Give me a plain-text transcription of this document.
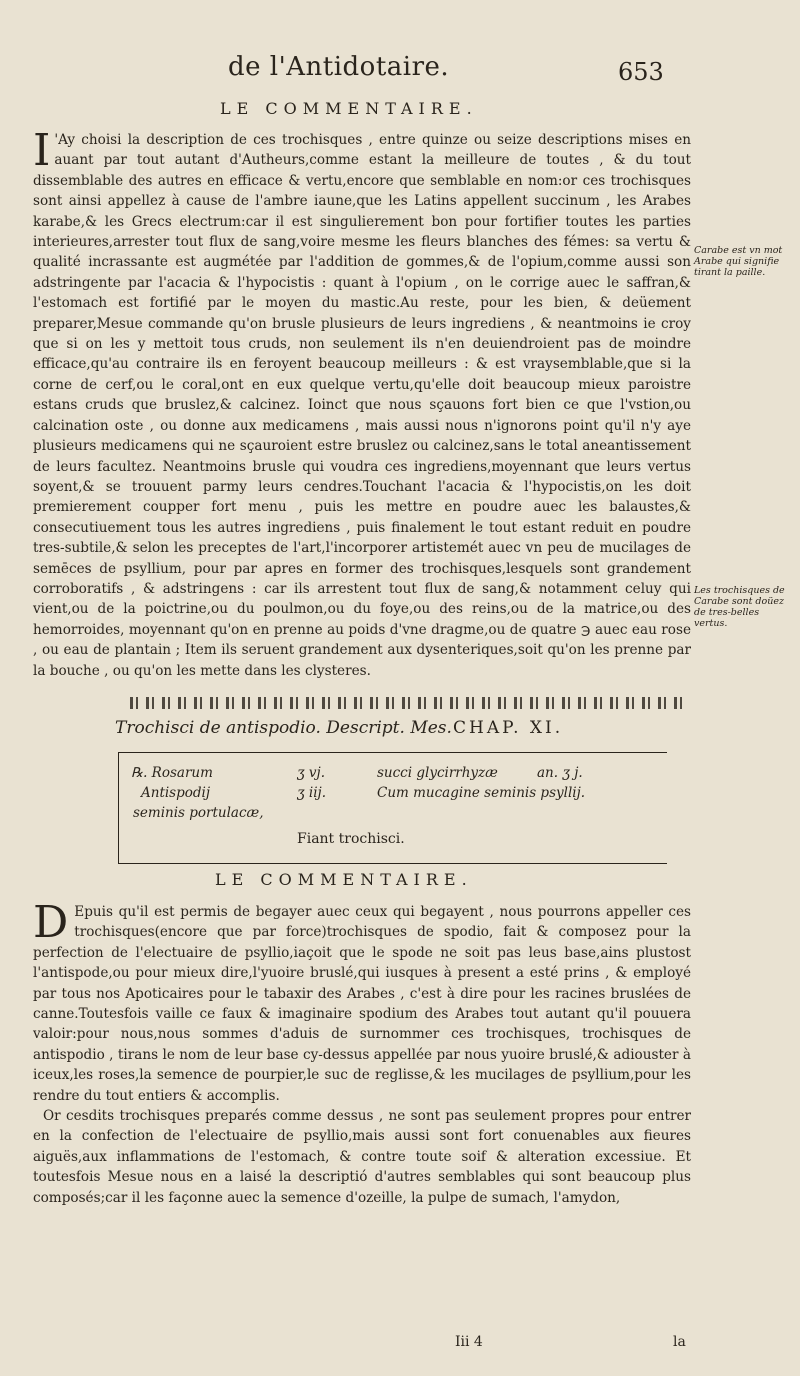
de l'Antidotaire.	653
LE COMMENTAIRE.

I 'Ay choisi la description de ces trochisques , entre quinze ou seize descriptions mises en auant par tout autant d'Autheurs,comme estant la meilleure de toutes , & du tout dissemblable des autres en efficace & vertu,encore que semblable en nom:or ces trochisques sont ainsi appellez à cause de l'ambre iaune,que les Latins appellent succinum , les Arabes karabe,& les Grecs electrum:car il est singulierement bon pour fortifier toutes les parties interieures,arrester tout flux de sang,voire mesme les fleurs blanches des fémes: sa vertu & qualité incrassante est augmétée par l'addition de gommes,& de l'opium,comme aussi son adstringente par l'acacia & l'hypocistis : quant à l'opium , on le corrige auec le saffran,& l'estomach est fortifié par le moyen du mastic.Au reste, pour les bien, & deüement preparer,Mesue commande qu'on brusle plusieurs de leurs ingrediens , & neantmoins ie croy que si on les y mettoit tous cruds, non seulement ils n'en deuiendroient pas de moindre efficace,qu'au contraire ils en feroyent beaucoup meilleurs : & est vraysemblable,que si la corne de cerf,ou le coral,ont en eux quelque vertu,qu'elle doit beaucoup mieux paroistre estans cruds que bruslez,& calcinez. Ioinct que nous sçauons fort bien ce que l'vstion,ou calcination oste , ou donne aux medicamens , mais aussi nous n'ignorons point qu'il n'y aye plusieurs medicamens qui ne sçauroient estre bruslez ou calcinez,sans le total aneantissement de leurs facultez. Neantmoins brusle qui voudra ces ingrediens,moyennant que leurs vertus soyent,& se trouuent parmy leurs cendres.Touchant l'acacia & l'hypocistis,on les doit premierement coupper fort menu , puis les mettre en poudre auec les balaustes,& consecutiuement tous les autres ingrediens , puis finalement le tout estant reduit en poudre tres-subtile,& selon les preceptes de l'art,l'incorporer artistemét auec vn peu de mucilages de semēces de psyllium, pour par apres en former des trochisques,lesquels sont grandement corroboratifs , & adstringens : car ils arrestent tout flux de sang,& notamment celuy qui vient,ou de la poictrine,ou du poulmon,ou du foye,ou des reins,ou de la matrice,ou des hemorroides, moyennant qu'on en prenne au poids d'vne dragme,ou de quatre ℈ auec eau rose , ou eau de plantain ; Item ils seruent grandement aux dysenteriques,soit qu'on les prenne par la bouche , ou qu'on les mette dans les clysteres.

Carabe est vn mot Arabe qui signifie tirant la paille.
Les trochisques de Carabe sont doüez de tres-belles vertus.
Trochisci de antispodio. Descript. Mes. CHAP. XI.
℞. Rosarum	ʒ vj.	succi glycirrhyzæ	an. ʒ j.
Antispodij	ʒ iij.	Cum mucagine seminis psyllij.
seminis portulacæ,
Fiant trochisci.
LE COMMENTAIRE.

D Epuis qu'il est permis de begayer auec ceux qui begayent , nous pourrons appeller ces trochisques(encore que par force)trochisques de spodio, fait & composez pour la perfection de l'electuaire de psyllio,iaçoit que le spode ne soit pas leus base,ains plustost l'antispode,ou pour mieux dire,l'yuoire bruslé,qui iusques à present a esté prins , & employé par tous nos Apoticaires pour le tabaxir des Arabes , c'est à dire pour les racines bruslées de canne.Toutesfois vaille ce faux & imaginaire spodium des Arabes tout autant qu'il pouuera valoir:pour nous,nous sommes d'aduis de surnommer ces trochisques, trochisques de antispodio , tirans le nom de leur base cy-dessus appellée par nous yuoire bruslé,& adiouster à iceux,les roses,la semence de pourpier,le suc de reglisse,& les mucilages de psyllium,pour les rendre du tout entiers & accomplis.

Or cesdits trochisques preparés comme dessus , ne sont pas seulement propres pour entrer en la confection de l'electuaire de psyllio,mais aussi sont fort conuenables aux fieures aiguës,aux inflammations de l'estomach, & contre toute soif & alteration excessiue. Et toutesfois Mesue nous en a laisé la descriptió d'autres semblables qui sont beaucoup plus composés;car il les façonne auec la semence d'ozeille, la pulpe de sumach, l'amydon,

Iii 4	la
